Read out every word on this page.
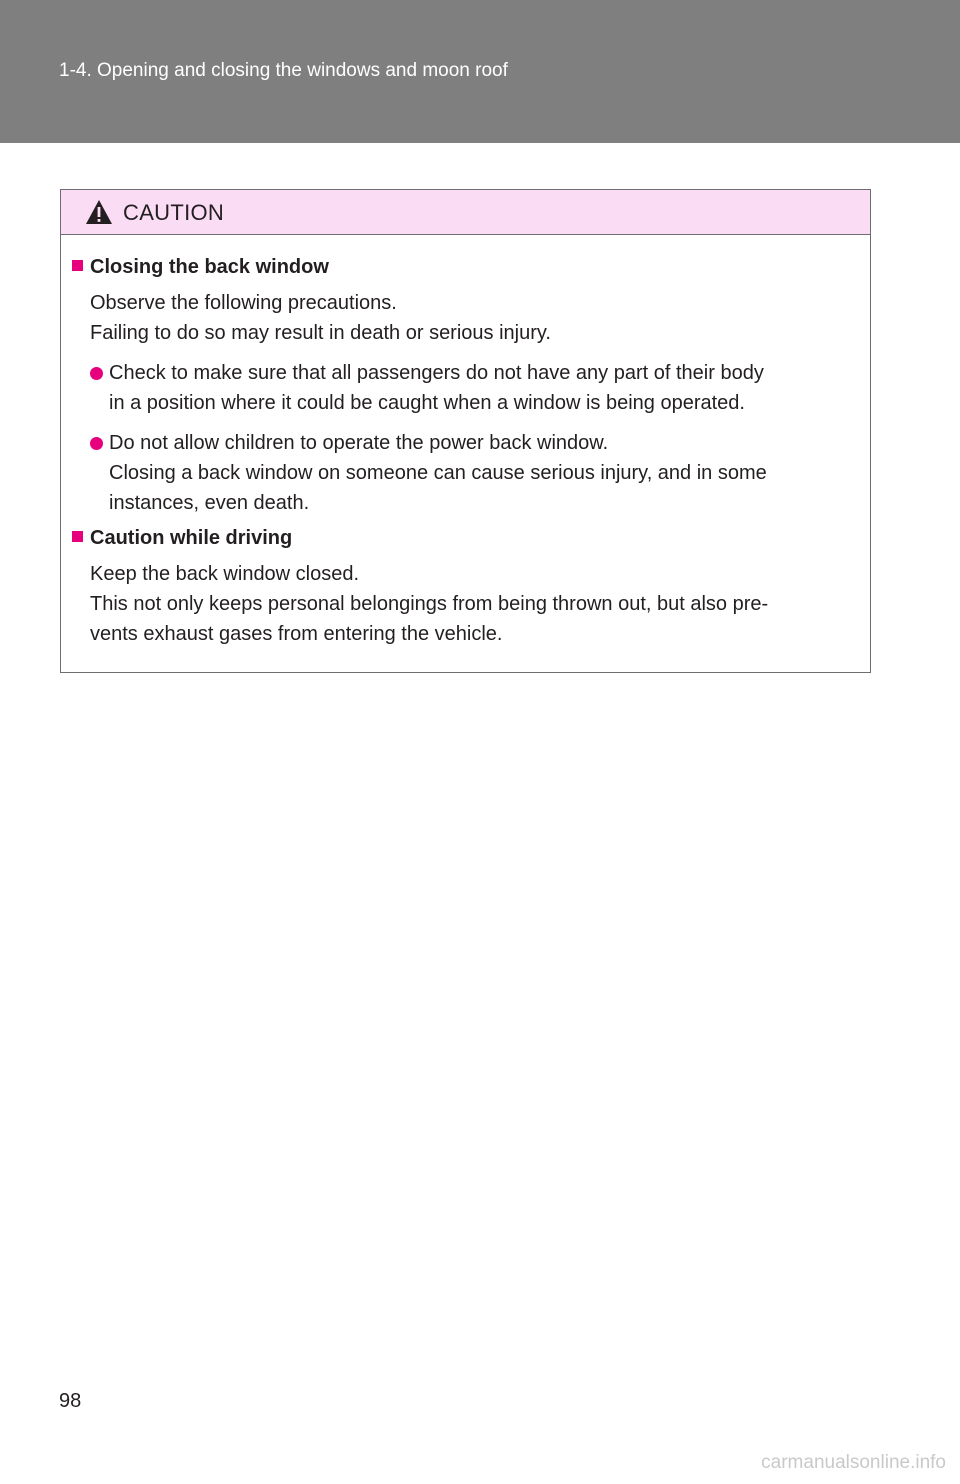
1-4. Opening and closing the windows and moon roof
CAUTION
Closing the back window
Observe the following precautions.
Failing to do so may result in death or serious injury.
Check to make sure that all passengers do not have any part of their body
in a position where it could be caught when a window is being operated.
Do not allow children to operate the power back window.
Closing a back window on someone can cause serious injury, and in some
instances, even death.
Caution while driving
Keep the back window closed.
This not only keeps personal belongings from being thrown out, but also pre-
vents exhaust gases from entering the vehicle.
98
carmanualsonline.info
